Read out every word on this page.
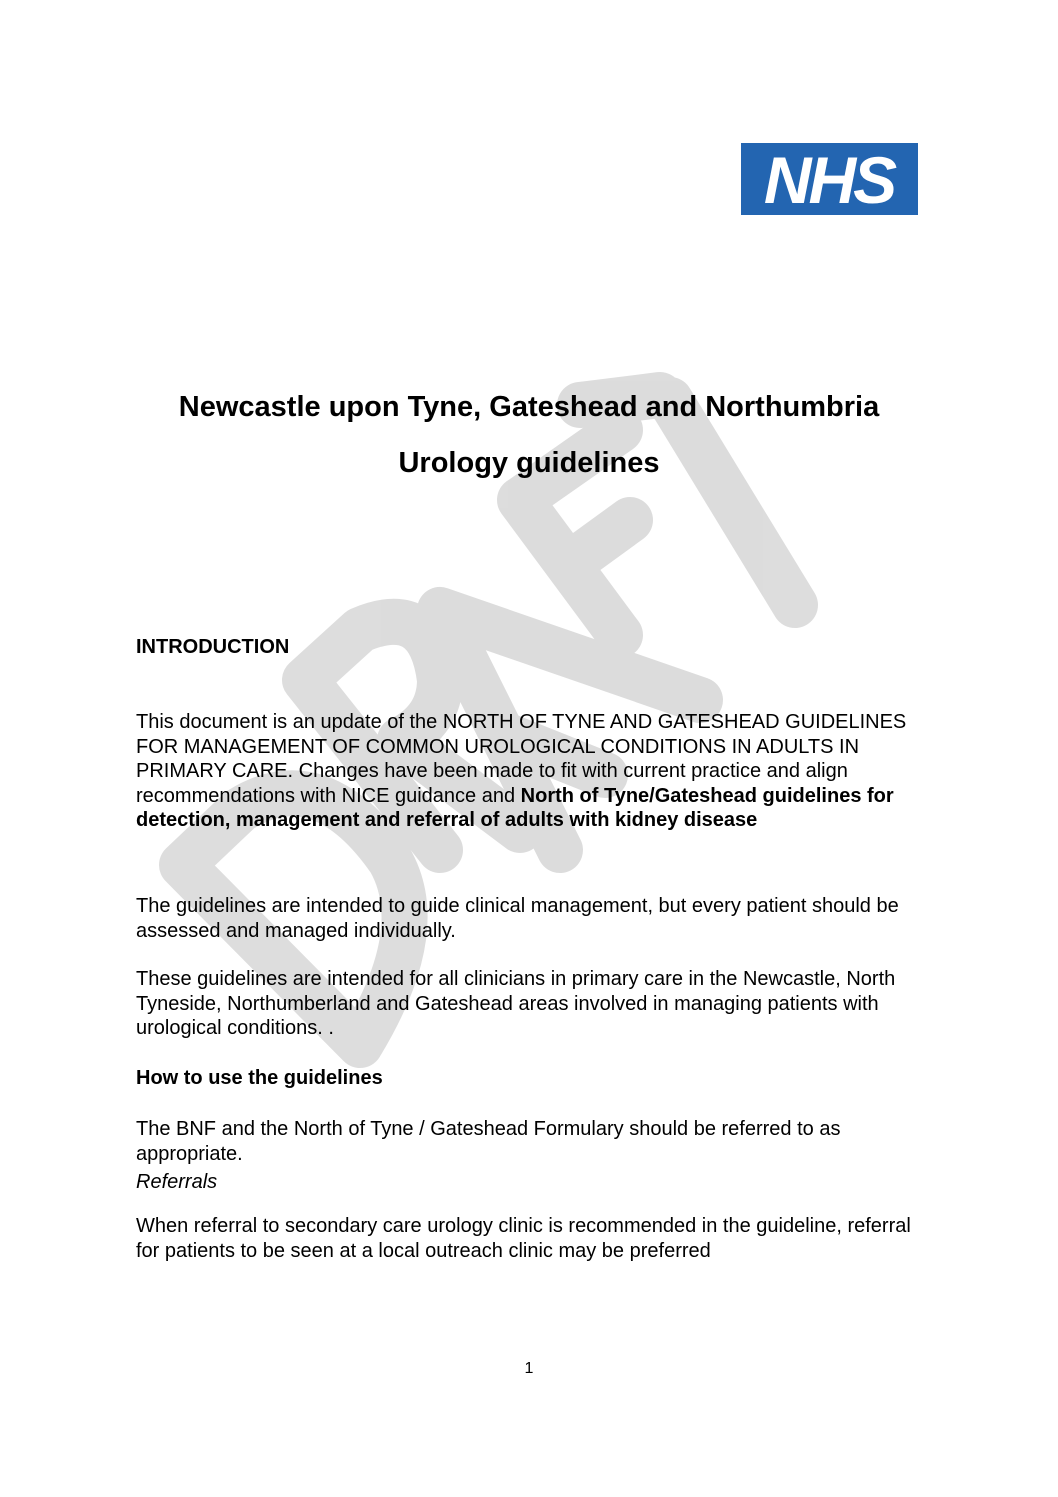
NHS
Newcastle upon Tyne, Gateshead and Northumbria
Urology guidelines
INTRODUCTION

This document is an update of the NORTH OF TYNE AND GATESHEAD GUIDELINES FOR MANAGEMENT OF COMMON UROLOGICAL CONDITIONS IN ADULTS IN PRIMARY CARE. Changes have been made to fit with current practice and align recommendations with NICE guidance and North of Tyne/Gateshead guidelines for detection, management and referral of adults with kidney disease

The guidelines are intended to guide clinical management, but every patient should be assessed and managed individually.

These guidelines are intended for all clinicians in primary care in the Newcastle, North Tyneside, Northumberland and Gateshead areas involved in managing patients with urological conditions. .

How to use the guidelines

The BNF and the North of Tyne / Gateshead Formulary should be referred to as appropriate.

Referrals

When referral to secondary care urology clinic is recommended in the guideline, referral for patients to be seen at a local outreach clinic may be preferred

1
